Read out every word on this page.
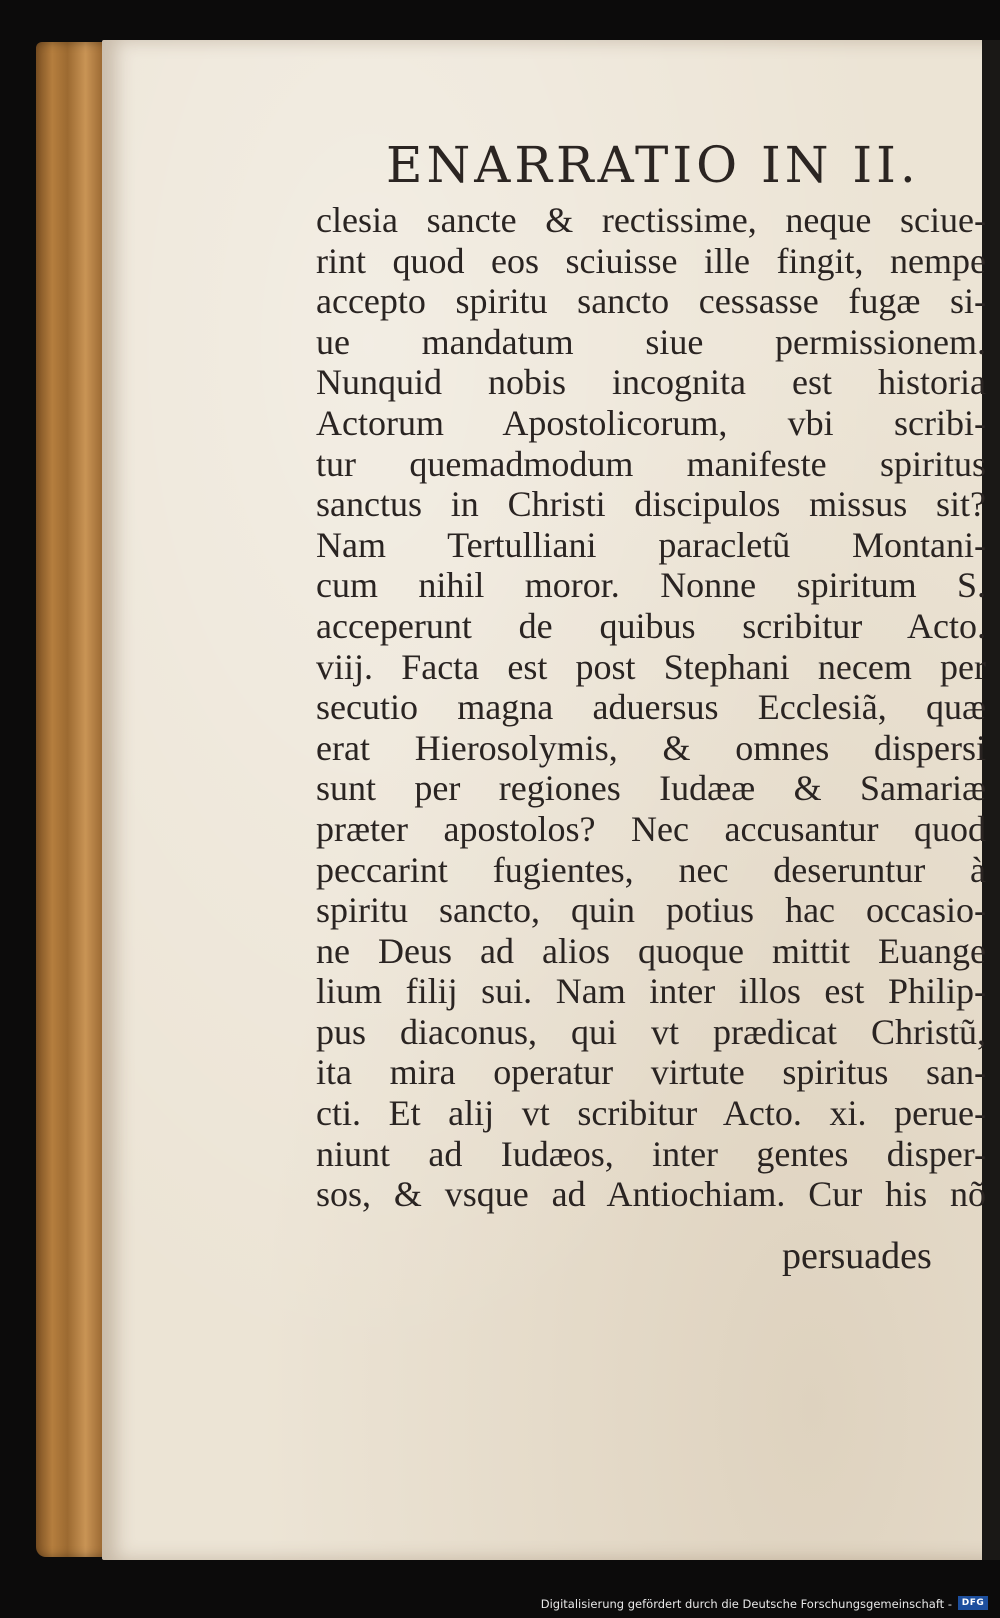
ENARRATIO IN II.
clesia sancte & rectissime, neque sciue-
rint quod eos sciuisse ille fingit, nempe
accepto spiritu sancto cessasse fugæ si-
ue mandatum siue permissionem.
Nunquid nobis incognita est historia
Actorum Apostolicorum, vbi scribi-
tur quemadmodum manifeste spiritus
sanctus in Christi discipulos missus sit?
Nam Tertulliani paracletũ Montani-
cum nihil moror. Nonne spiritum S.
acceperunt de quibus scribitur Acto.
viij. Facta est post Stephani necem per
secutio magna aduersus Ecclesiã, quæ
erat Hierosolymis, & omnes dispersi
sunt per regiones Iudææ & Samariæ
præter apostolos? Nec accusantur quod
peccarint fugientes, nec deseruntur à
spiritu sancto, quin potius hac occasio-
ne Deus ad alios quoque mittit Euange
lium filij sui. Nam inter illos est Philip-
pus diaconus, qui vt prædicat Christũ,
ita mira operatur virtute spiritus san-
cti. Et alij vt scribitur Acto. xi. perue-
niunt ad Iudæos, inter gentes disper-
sos, & vsque ad Antiochiam. Cur his nõ
persuades
Digitalisierung gefördert durch die Deutsche Forschungsgemeinschaft -	DFG
